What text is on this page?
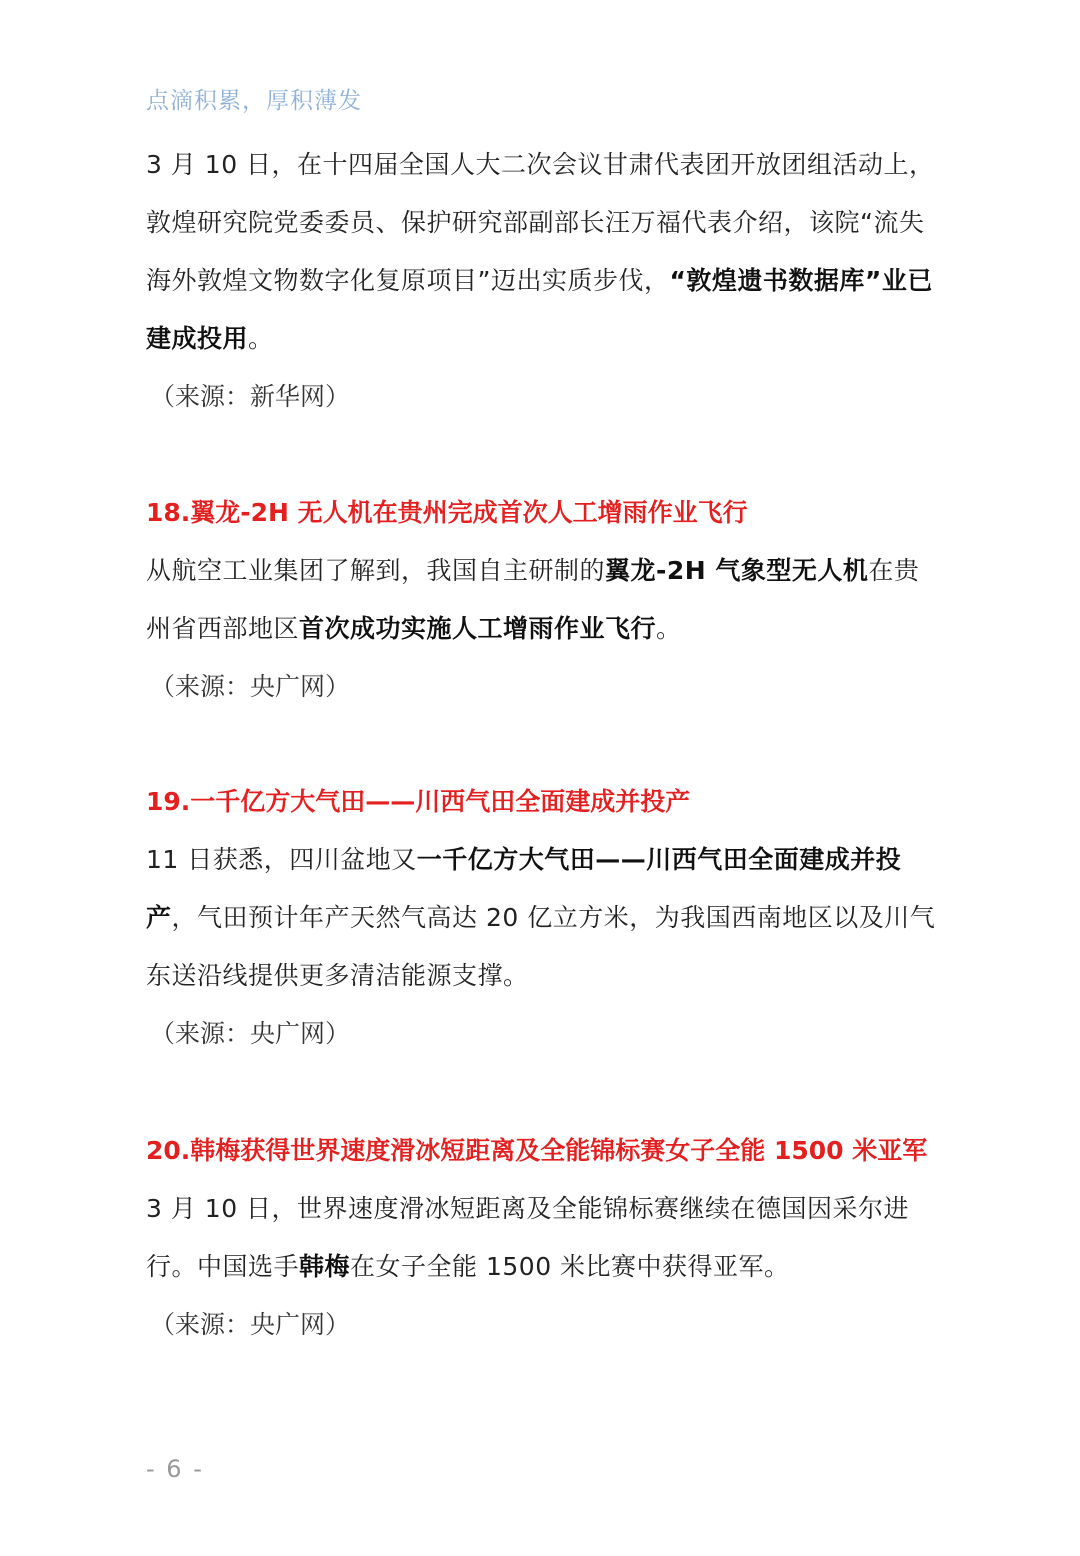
点滴积累，厚积薄发

3 月 10 日，在十四届全国人大二次会议甘肃代表团开放团组活动上，敦煌研究院党委委员、保护研究部副部长汪万福代表介绍，该院“流失海外敦煌文物数字化复原项目”迈出实质步伐，“敦煌遗书数据库”业已建成投用。

（来源：新华网）

18.翼龙-2H 无人机在贵州完成首次人工增雨作业飞行

从航空工业集团了解到，我国自主研制的翼龙-2H 气象型无人机在贵州省西部地区首次成功实施人工增雨作业飞行。

（来源：央广网）

19.一千亿方大气田——川西气田全面建成并投产

11 日获悉，四川盆地又一千亿方大气田——川西气田全面建成并投产，气田预计年产天然气高达 20 亿立方米，为我国西南地区以及川气东送沿线提供更多清洁能源支撑。

（来源：央广网）

20.韩梅获得世界速度滑冰短距离及全能锦标赛女子全能 1500 米亚军

3 月 10 日，世界速度滑冰短距离及全能锦标赛继续在德国因采尔进行。中国选手韩梅在女子全能 1500 米比赛中获得亚军。

（来源：央广网）

- 6 -
